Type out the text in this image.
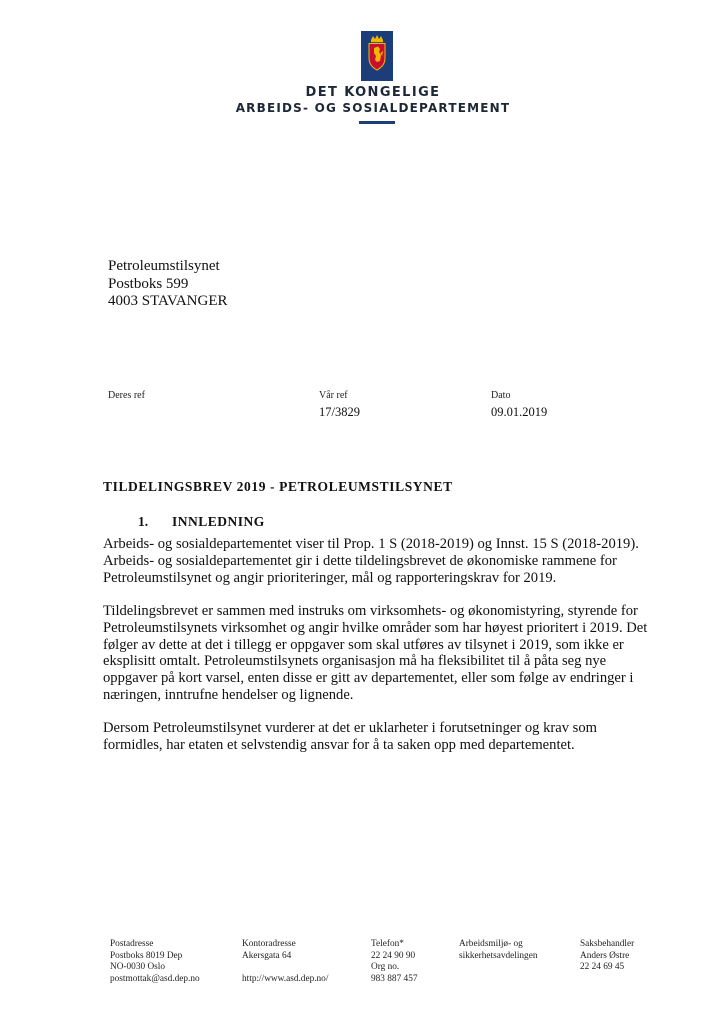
DET KONGELIGE
ARBEIDS- OG SOSIALDEPARTEMENT
Petroleumstilsynet
Postboks 599
4003 STAVANGER
Deres ref	Vår ref
17/3829
Dato
09.01.2019
TILDELINGSBREV 2019 - PETROLEUMSTILSYNET
1. INNLEDNING

Arbeids- og sosialdepartementet viser til Prop. 1 S (2018-2019) og Innst. 15 S (2018-2019).

Arbeids- og sosialdepartementet gir i dette tildelingsbrevet de økonomiske rammene for

Petroleumstilsynet og angir prioriteringer, mål og rapporteringskrav for 2019.

Tildelingsbrevet er sammen med instruks om virksomhets- og økonomistyring, styrende for

Petroleumstilsynets virksomhet og angir hvilke områder som har høyest prioritert i 2019. Det

følger av dette at det i tillegg er oppgaver som skal utføres av tilsynet i 2019, som ikke er

eksplisitt omtalt. Petroleumstilsynets organisasjon må ha fleksibilitet til å påta seg nye

oppgaver på kort varsel, enten disse er gitt av departementet, eller som følge av endringer i

næringen, inntrufne hendelser og lignende.

Dersom Petroleumstilsynet vurderer at det er uklarheter i forutsetninger og krav som

formidles, har etaten et selvstendig ansvar for å ta saken opp med departementet.

Postadresse
Postboks 8019 Dep
NO-0030 Oslo
postmottak@asd.dep.no
Kontoradresse
Akersgata 64

http://www.asd.dep.no/
Telefon*
22 24 90 90
Org no.
983 887 457
Arbeidsmiljø- og
sikkerhetsavdelingen
Saksbehandler
Anders Østre
22 24 69 45
